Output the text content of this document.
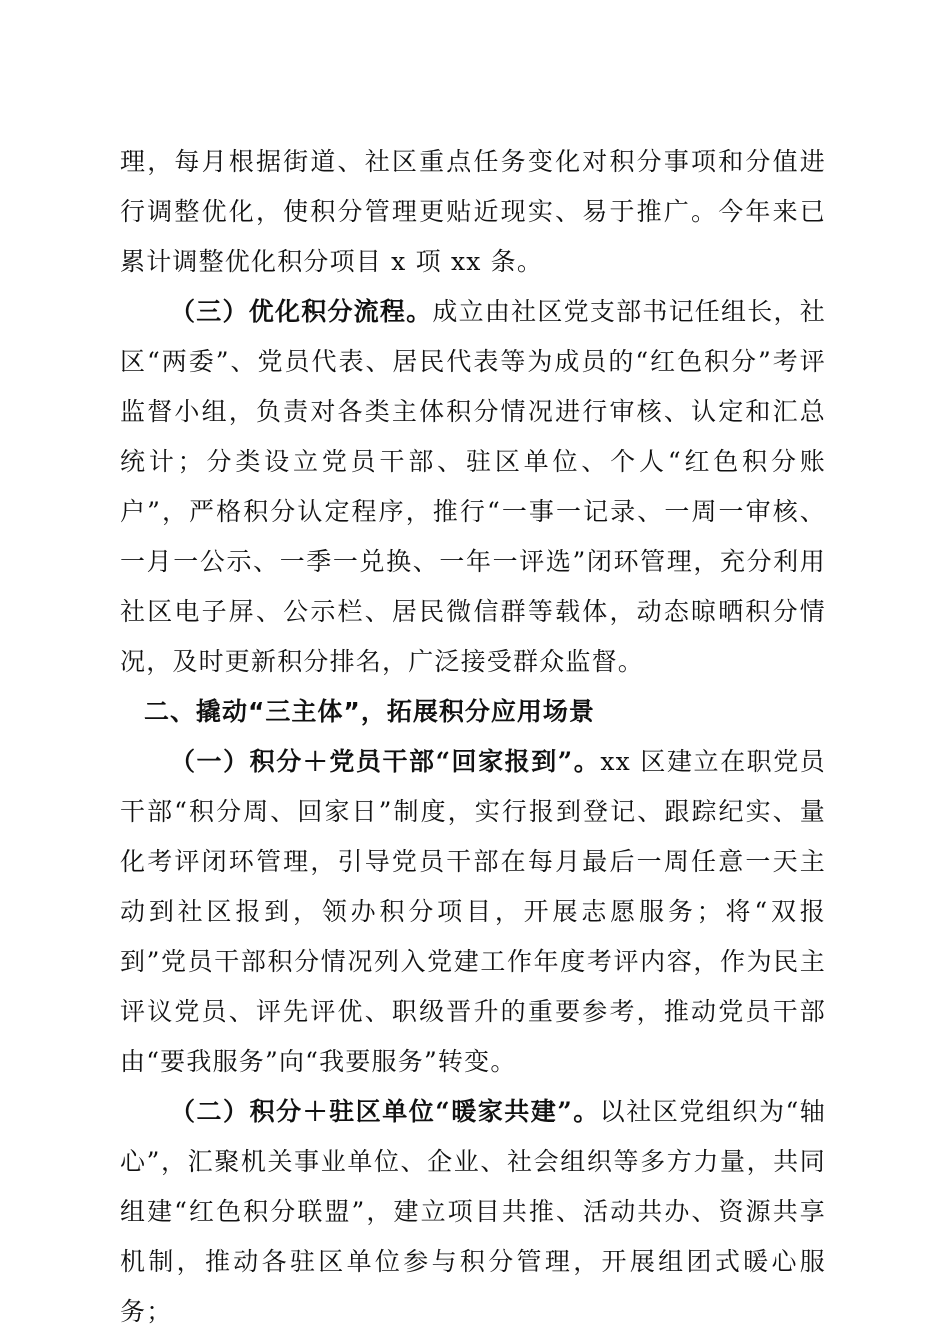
理，每月根据街道、社区重点任务变化对积分事项和分值进行调整优化，使积分管理更贴近现实、易于推广。今年来已累计调整优化积分项目 x 项 xx 条。

（三）优化积分流程。成立由社区党支部书记任组长，社区“两委”、党员代表、居民代表等为成员的“红色积分”考评监督小组，负责对各类主体积分情况进行审核、认定和汇总统计；分类设立党员干部、驻区单位、个人“红色积分账户”，严格积分认定程序，推行“一事一记录、一周一审核、一月一公示、一季一兑换、一年一评选”闭环管理，充分利用社区电子屏、公示栏、居民微信群等载体，动态晾晒积分情况，及时更新积分排名，广泛接受群众监督。

二、撬动“三主体”，拓展积分应用场景

（一）积分＋党员干部“回家报到”。xx 区建立在职党员干部“积分周、回家日”制度，实行报到登记、跟踪纪实、量化考评闭环管理，引导党员干部在每月最后一周任意一天主动到社区报到，领办积分项目，开展志愿服务；将“双报到”党员干部积分情况列入党建工作年度考评内容，作为民主评议党员、评先评优、职级晋升的重要参考，推动党员干部由“要我服务”向“我要服务”转变。

（二）积分＋驻区单位“暖家共建”。以社区党组织为“轴心”，汇聚机关事业单位、企业、社会组织等多方力量，共同组建“红色积分联盟”，建立项目共推、活动共办、资源共享机制，推动各驻区单位参与积分管理，开展组团式暖心服务；
